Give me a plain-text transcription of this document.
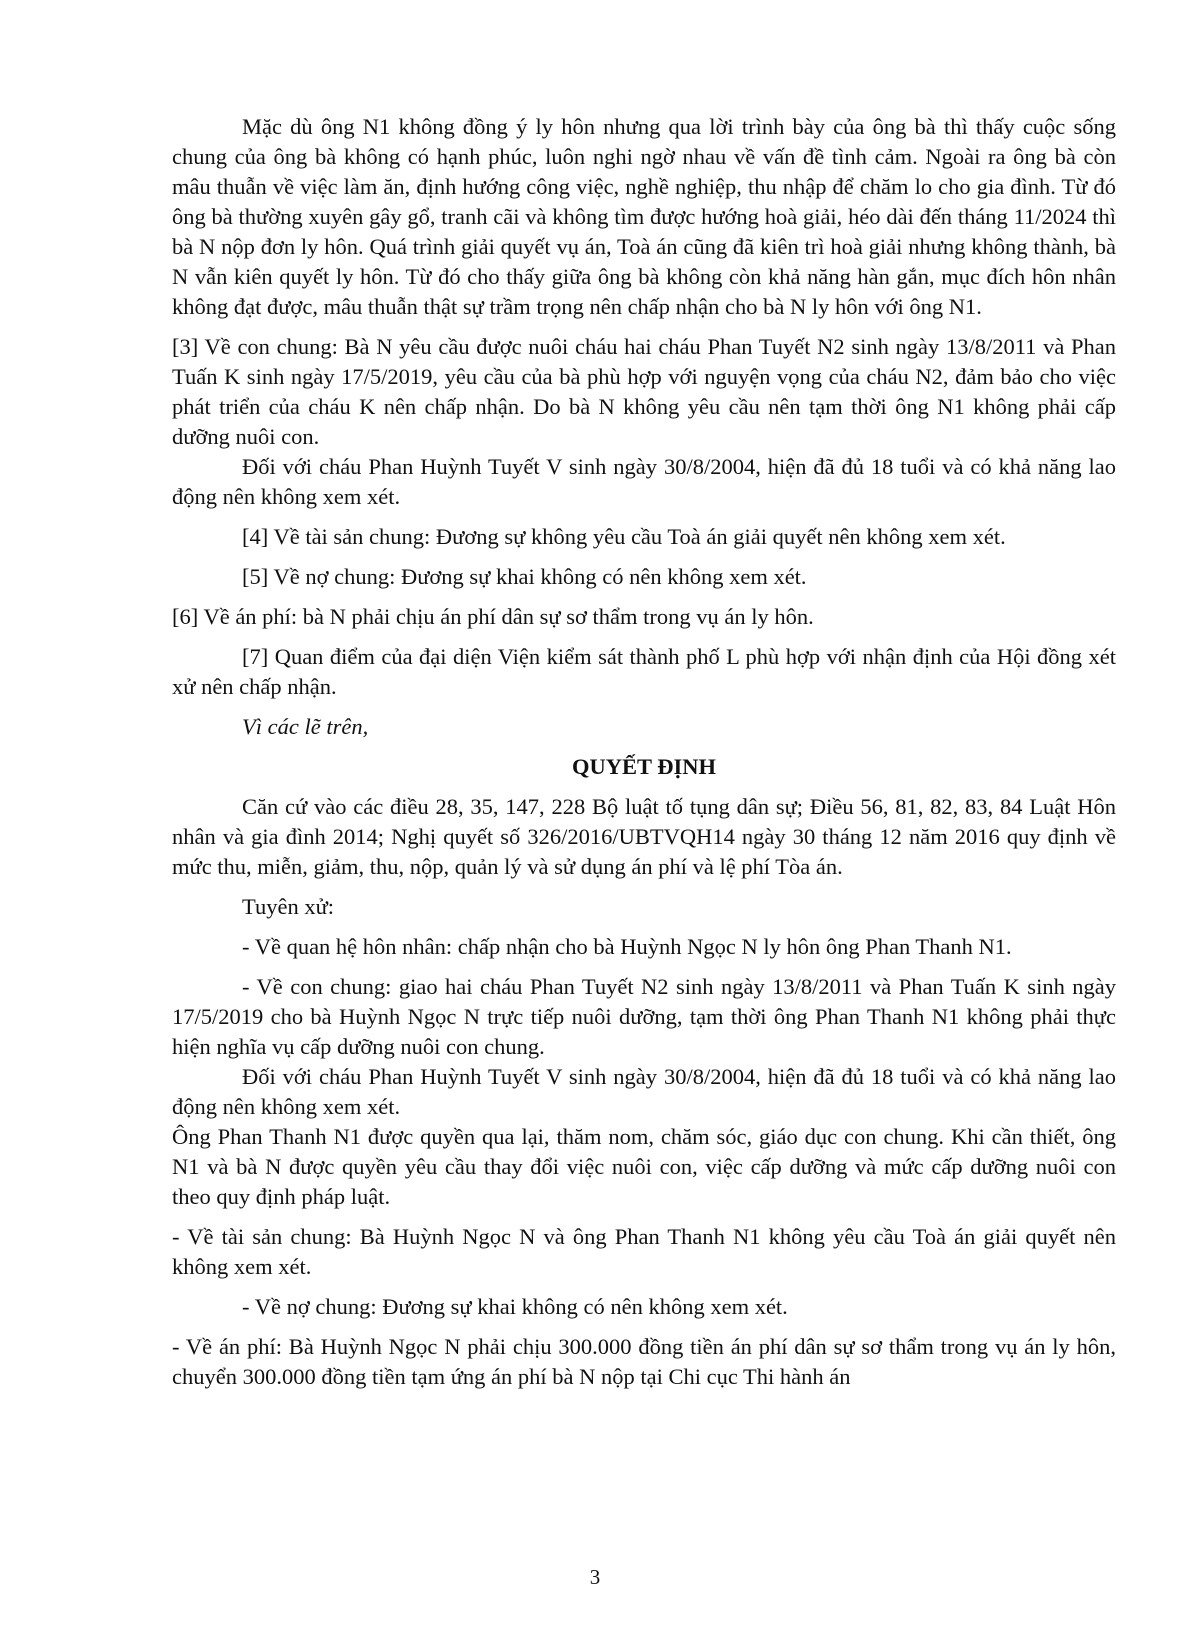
Mặc dù ông N1 không đồng ý ly hôn nhưng qua lời trình bày của ông bà thì thấy cuộc sống chung của ông bà không có hạnh phúc, luôn nghi ngờ nhau về vấn đề tình cảm. Ngoài ra ông bà còn mâu thuẫn về việc làm ăn, định hướng công việc, nghề nghiệp, thu nhập để chăm lo cho gia đình. Từ đó ông bà thường xuyên gây gổ, tranh cãi và không tìm được hướng hoà giải, héo dài đến tháng 11/2024 thì bà N nộp đơn ly hôn. Quá trình giải quyết vụ án, Toà án cũng đã kiên trì hoà giải nhưng không thành, bà N vẫn kiên quyết ly hôn. Từ đó cho thấy giữa ông bà không còn khả năng hàn gắn, mục đích hôn nhân không đạt được, mâu thuẫn thật sự trầm trọng nên chấp nhận cho bà N ly hôn với ông N1.

[3] Về con chung: Bà N yêu cầu được nuôi cháu hai cháu Phan Tuyết N2 sinh ngày 13/8/2011 và Phan Tuấn K sinh ngày 17/5/2019, yêu cầu của bà phù hợp với nguyện vọng của cháu N2, đảm bảo cho việc phát triển của cháu K nên chấp nhận. Do bà N không yêu cầu nên tạm thời ông N1 không phải cấp dưỡng nuôi con.

Đối với cháu Phan Huỳnh Tuyết V sinh ngày 30/8/2004, hiện đã đủ 18 tuổi và có khả năng lao động nên không xem xét.

[4] Về tài sản chung: Đương sự không yêu cầu Toà án giải quyết nên không xem xét.

[5] Về nợ chung: Đương sự khai không có nên không xem xét.

[6] Về án phí: bà N phải chịu án phí dân sự sơ thẩm trong vụ án ly hôn.

[7] Quan điểm của đại diện Viện kiểm sát thành phố L phù hợp với nhận định của Hội đồng xét xử nên chấp nhận.

Vì các lẽ trên,

QUYẾT ĐỊNH

Căn cứ vào các điều 28, 35, 147, 228 Bộ luật tố tụng dân sự; Điều 56, 81, 82, 83, 84 Luật Hôn nhân và gia đình 2014; Nghị quyết số 326/2016/UBTVQH14 ngày 30 tháng 12 năm 2016 quy định về mức thu, miễn, giảm, thu, nộp, quản lý và sử dụng án phí và lệ phí Tòa án.

Tuyên xử:

- Về quan hệ hôn nhân: chấp nhận cho bà Huỳnh Ngọc N ly hôn ông Phan Thanh N1.

- Về con chung: giao hai cháu Phan Tuyết N2 sinh ngày 13/8/2011 và Phan Tuấn K sinh ngày 17/5/2019 cho bà Huỳnh Ngọc N trực tiếp nuôi dưỡng, tạm thời ông Phan Thanh N1 không phải thực hiện nghĩa vụ cấp dưỡng nuôi con chung.

Đối với cháu Phan Huỳnh Tuyết V sinh ngày 30/8/2004, hiện đã đủ 18 tuổi và có khả năng lao động nên không xem xét.

Ông Phan Thanh N1 được quyền qua lại, thăm nom, chăm sóc, giáo dục con chung. Khi cần thiết, ông N1 và bà N được quyền yêu cầu thay đổi việc nuôi con, việc cấp dưỡng và mức cấp dưỡng nuôi con theo quy định pháp luật.

- Về tài sản chung: Bà Huỳnh Ngọc N và ông Phan Thanh N1 không yêu cầu Toà án giải quyết nên không xem xét.

- Về nợ chung: Đương sự khai không có nên không xem xét.

- Về án phí: Bà Huỳnh Ngọc N phải chịu 300.000 đồng tiền án phí dân sự sơ thẩm trong vụ án ly hôn, chuyển 300.000 đồng tiền tạm ứng án phí bà N nộp tại Chi cục Thi hành án

3
